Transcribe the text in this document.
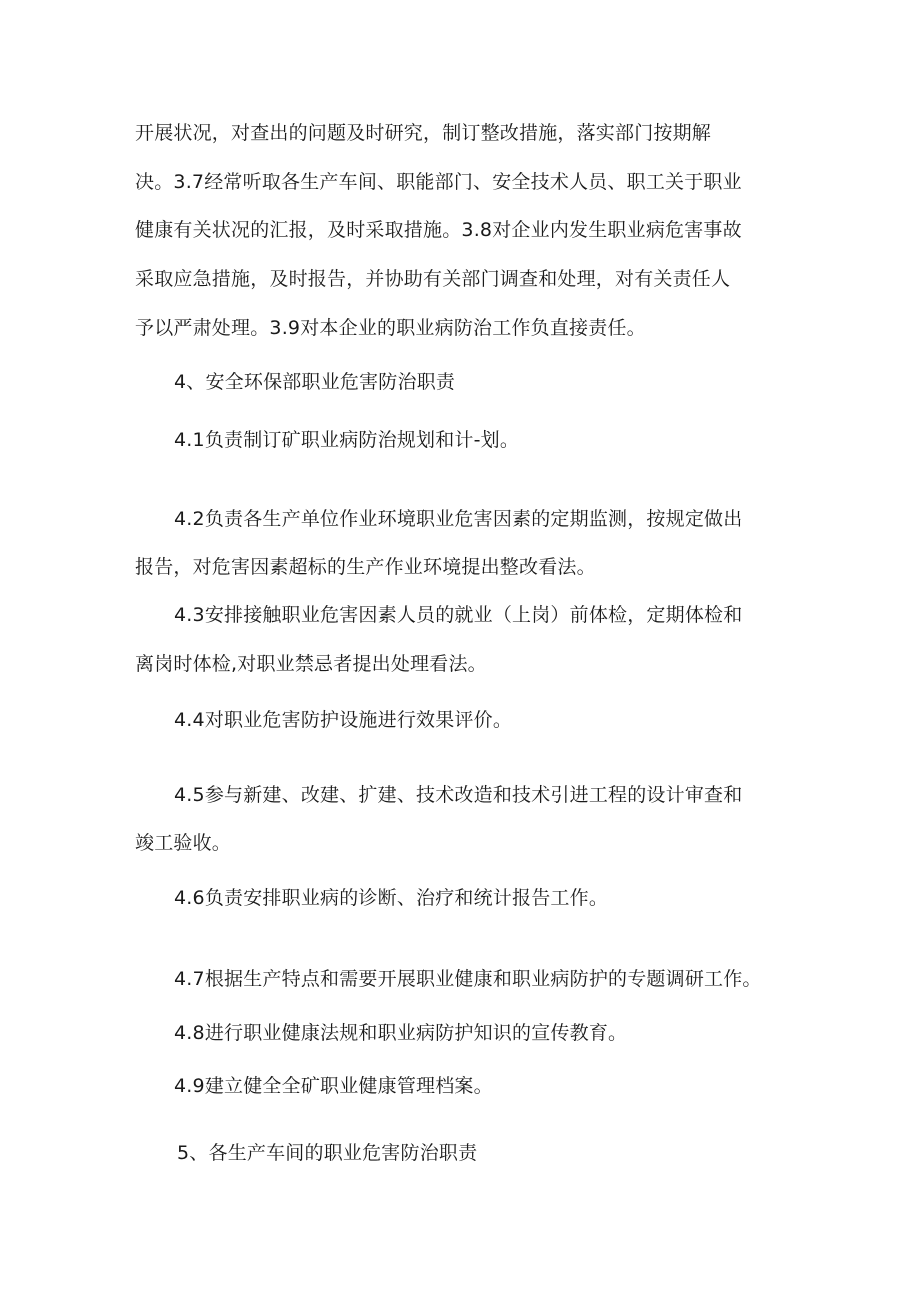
开展状况，对查出的问题及时研究，制订整改措施，落实部门按期解

决。3.7经常听取各生产车间、职能部门、安全技术人员、职工关于职业

健康有关状况的汇报，及时采取措施。3.8对企业内发生职业病危害事故

采取应急措施，及时报告，并协助有关部门调查和处理，对有关责任人

予以严肃处理。3.9对本企业的职业病防治工作负直接责任。

4、安全环保部职业危害防治职责

4.1负责制订矿职业病防治规划和计-划。

4.2负责各生产单位作业环境职业危害因素的定期监测，按规定做出

报告，对危害因素超标的生产作业环境提出整改看法。

4.3安排接触职业危害因素人员的就业（上岗）前体检，定期体检和

离岗时体检,对职业禁忌者提出处理看法。

4.4对职业危害防护设施进行效果评价。

4.5参与新建、改建、扩建、技术改造和技术引进工程的设计审查和

竣工验收。

4.6负责安排职业病的诊断、治疗和统计报告工作。

4.7根据生产特点和需要开展职业健康和职业病防护的专题调研工作。

4.8进行职业健康法规和职业病防护知识的宣传教育。

4.9建立健全全矿职业健康管理档案。

5、各生产车间的职业危害防治职责
